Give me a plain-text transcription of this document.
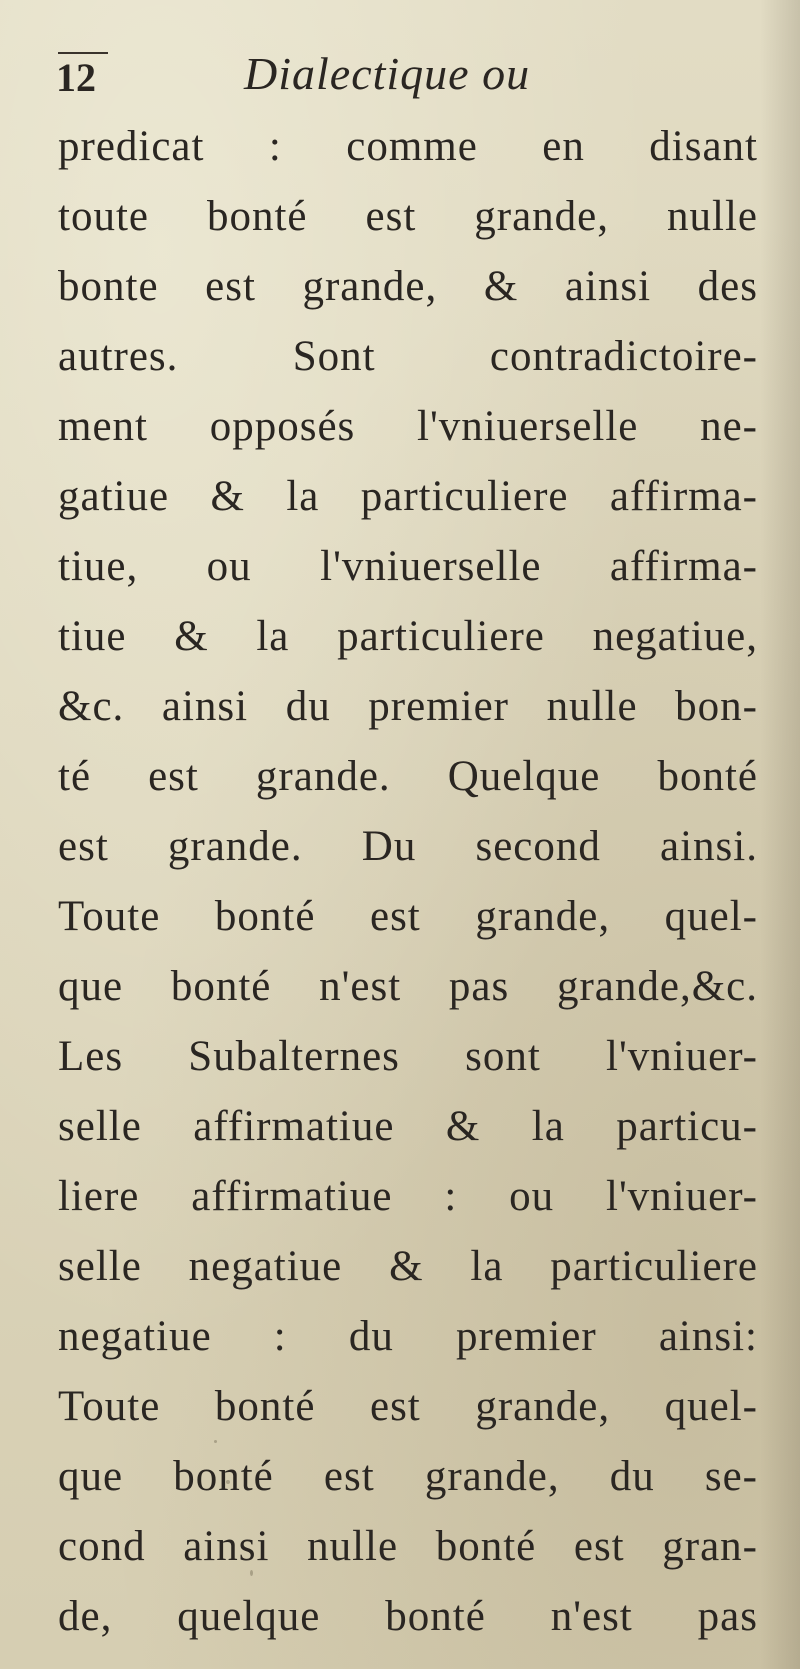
12	Dialectique ou
predicat : comme en disant
toute bonté est grande, nulle
bonte est grande, & ainsi des
autres. Sont contradictoire-
ment opposés l'vniuerselle ne-
gatiue & la particuliere affirma-
tiue, ou l'vniuerselle affirma-
tiue & la particuliere negatiue,
&c. ainsi du premier nulle bon-
té est grande. Quelque bonté
est grande. Du second ainsi.
Toute bonté est grande, quel-
que bonté n'est pas grande,&c.
Les Subalternes sont l'vniuer-
selle affirmatiue & la particu-
liere affirmatiue : ou l'vniuer-
selle negatiue & la particuliere
negatiue : du premier ainsi:
Toute bonté est grande, quel-
que bonté est grande, du se-
cond ainsi nulle bonté est gran-
de, quelque bonté n'est pas
